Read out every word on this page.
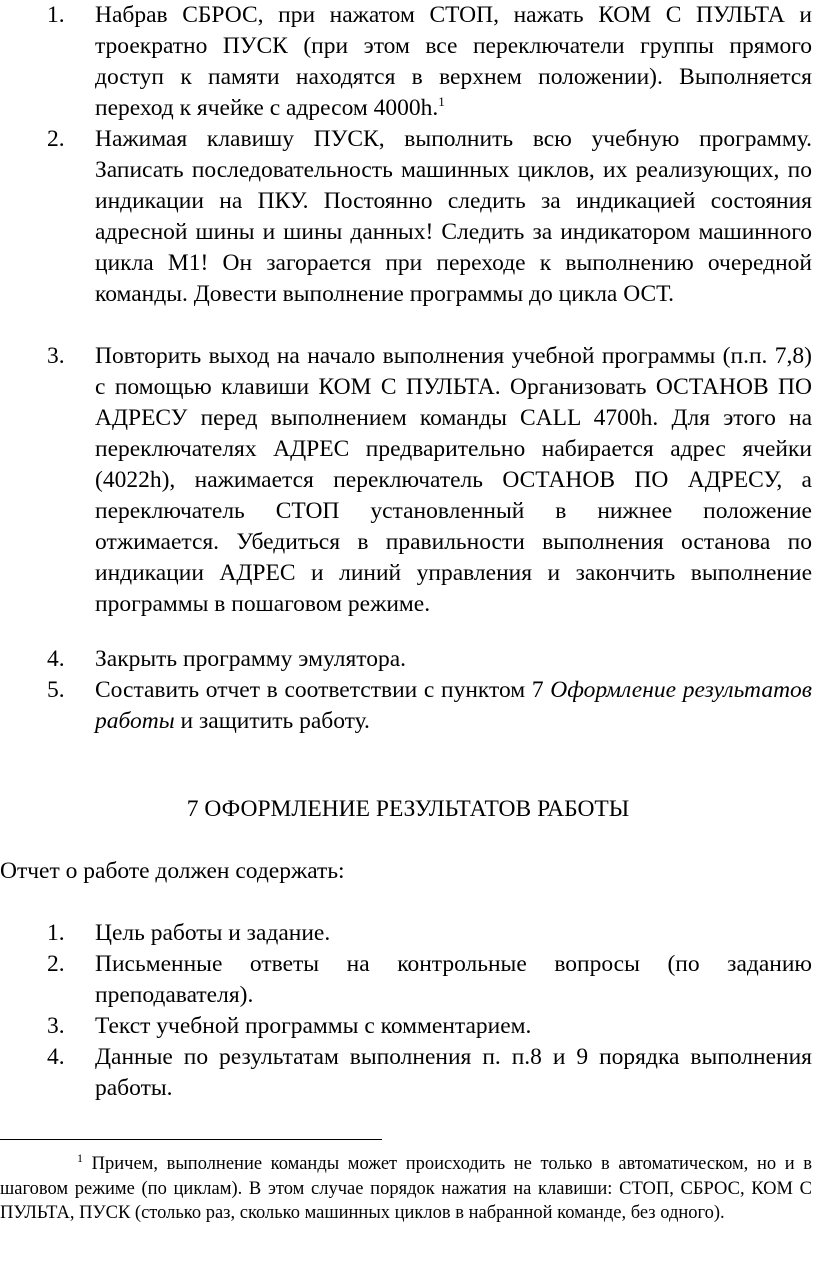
1. Набрав СБРОС, при нажатом СТОП, нажать КОМ С ПУЛЬТА и троекратно ПУСК (при этом все переключатели группы прямого доступ к памяти находятся в верхнем положении). Выполняется переход к ячейке с адресом 4000h.$^1$

2. Нажимая клавишу ПУСК, выполнить всю учебную программу. Записать последовательность машинных циклов, их реализующих, по индикации на ПКУ. Постоянно следить за индикацией состояния адресной шины и шины данных! Следить за индикатором машинного цикла М1! Он загорается при переходе к выполнению очередной команды. Довести выполнение программы до цикла ОСТ.

3. Повторить выход на начало выполнения учебной программы (п.п. 7,8) с помощью клавиши КОМ С ПУЛЬТА. Организовать ОСТАНОВ ПО АДРЕСУ перед выполнением команды CALL 4700h. Для этого на переключателях АДРЕС предварительно набирается адрес ячейки (4022h), нажимается переключатель ОСТАНОВ ПО АДРЕСУ, а переключатель СТОП установленный в нижнее положение отжимается. Убедиться в правильности выполнения останова по индикации АДРЕС и линий управления и закончить выполнение программы в пошаговом режиме.

4. Закрыть программу эмулятора.

5. Составить отчет в соответствии с пунктом 7 Оформление результатов работы и защитить работу.

7 ОФОРМЛЕНИЕ РЕЗУЛЬТАТОВ РАБОТЫ

Отчет о работе должен содержать:

1. Цель работы и задание.

2. Письменные ответы на контрольные вопросы (по заданию преподавателя).

3. Текст учебной программы с комментарием.

4. Данные по результатам выполнения п. п.8 и 9 порядка выполнения работы.

$^1$ Причем, выполнение команды может происходить не только в автоматическом, но и в шаговом режиме (по циклам). В этом случае порядок нажатия на клавиши: СТОП, СБРОС, КОМ С ПУЛЬТА, ПУСК (столько раз, сколько машинных циклов в набранной команде, без одного).
